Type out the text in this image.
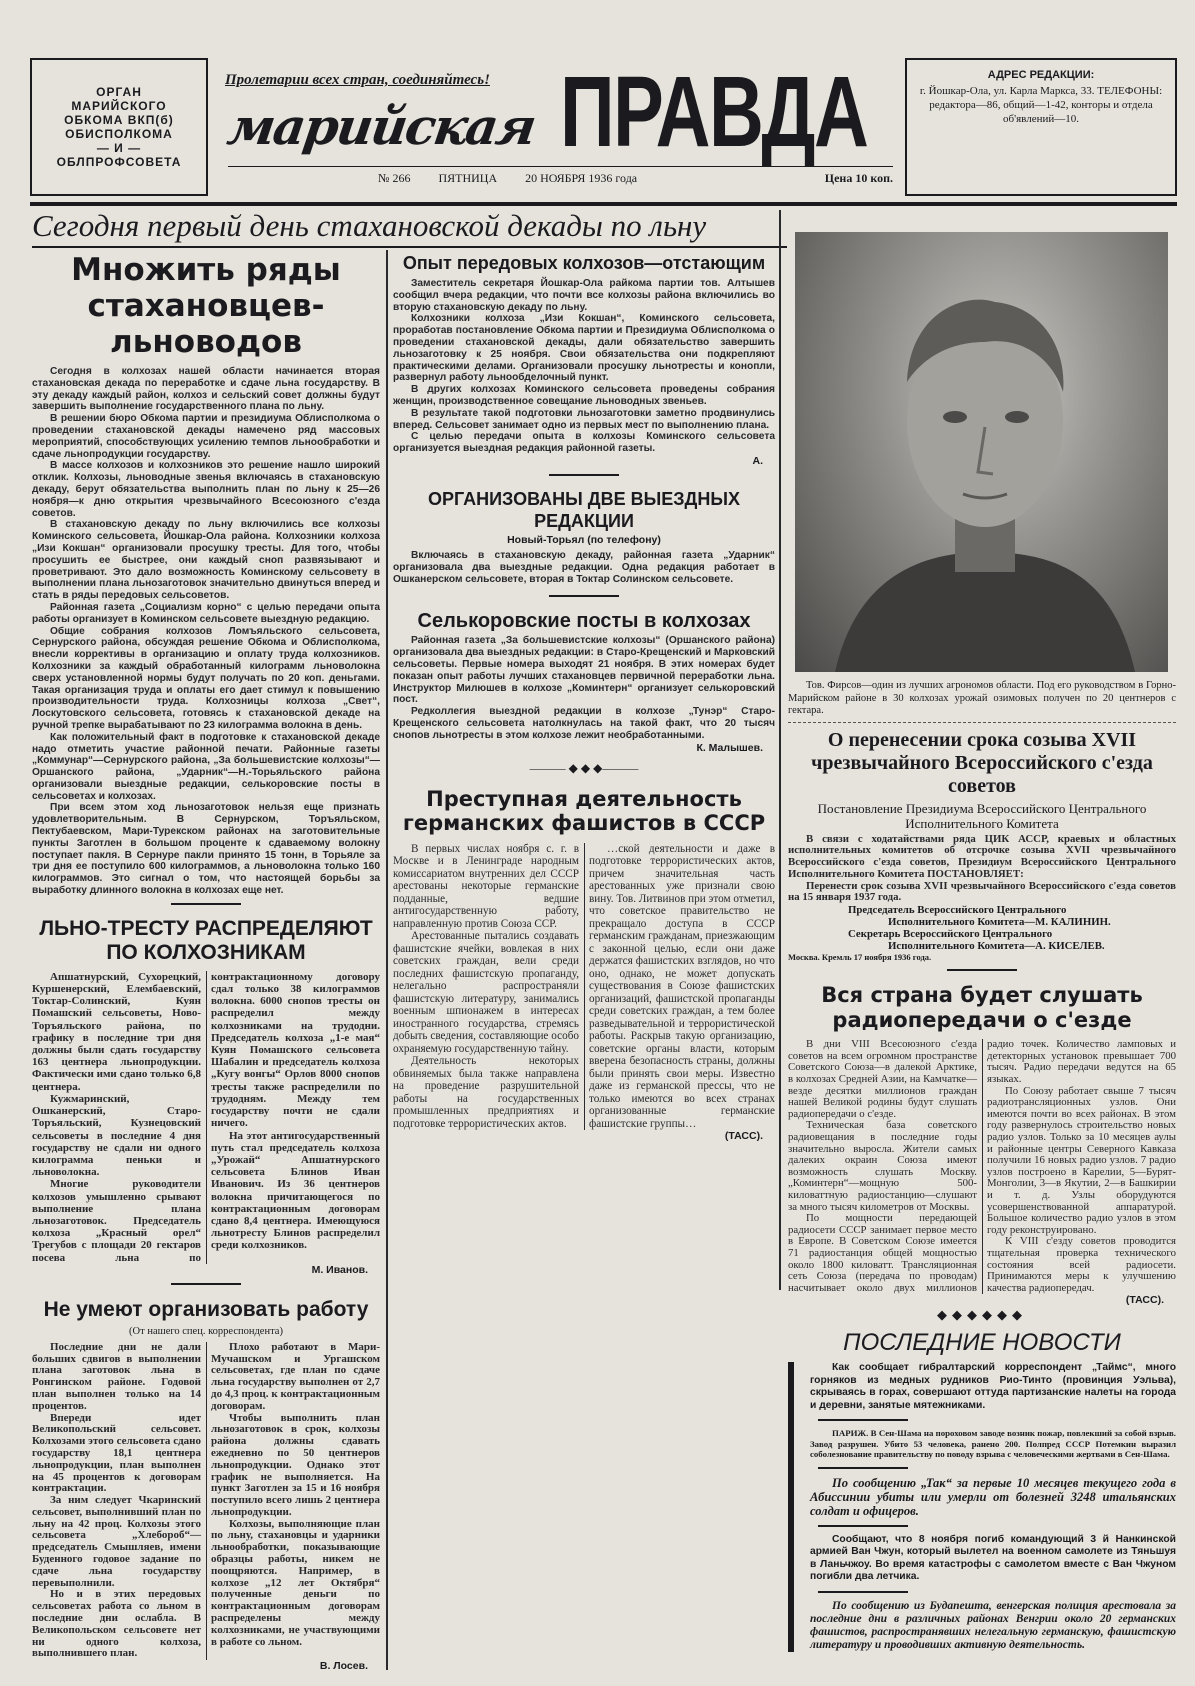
ОРГАН
МАРИЙСКОГО
ОБКОМА ВКП(б)
ОБИСПОЛКОМА
— И —
ОБЛПРОФСОВЕТА
Пролетарии всех стран, соединяйтесь!
марийская ПРАВДА
№ 266 ПЯТНИЦА 20 НОЯБРЯ 1936 года	Цена 10 коп.
АДРЕС РЕДАКЦИИ:
г. Йошкар-Ола, ул. Карла Маркса, 33. ТЕЛЕФОНЫ: редактора—86, общий—1-42, конторы и отдела об'явлений—10.
Сегодня первый день стахановской декады по льну
Множить ряды стахановцев-льноводов

Сегодня в колхозах нашей области начинается вторая стахановская декада по переработке и сдаче льна государству. В эту декаду каждый район, колхоз и сельский совет должны будут завершить выполнение государственного плана по льну.

В решении бюро Обкома партии и президиума Облисполкома о проведении стахановской декады намечено ряд массовых мероприятий, способствующих усилению темпов льнообработки и сдаче льнопродукции государству.

В массе колхозов и колхозников это решение нашло широкий отклик. Колхозы, льноводные звенья включаясь в стахановскую декаду, берут обязательства выполнить план по льну к 25—26 ноября—к дню открытия чрезвычайного Всесоюзного с'езда советов.

В стахановскую декаду по льну включились все колхозы Коминского сельсовета, Йошкар-Ола района. Колхозники колхоза „Изи Кокшан“ организовали просушку тресты. Для того, чтобы просушить ее быстрее, они каждый сноп развязывают и проветривают. Это дало возможность Коминскому сельсовету в выполнении плана льнозаготовок значительно двинуться вперед и стать в ряды передовых сельсоветов.

Районная газета „Социализм корно“ с целью передачи опыта работы организует в Коминском сельсовете выездную редакцию.

Общие собрания колхозов Ломъяльского сельсовета, Сернурского района, обсуждая решение Обкома и Облисполкома, внесли коррективы в организацию и оплату труда колхозников. Колхозники за каждый обработанный килограмм льноволокна сверх установленной нормы будут получать по 20 коп. деньгами. Такая организация труда и оплаты его дает стимул к повышению производительности труда. Колхозницы колхоза „Свет“, Лоскутовского сельсовета, готовясь к стахановской декаде на ручной трепке вырабатывают по 23 килограмма волокна в день.

Как положительный факт в подготовке к стахановской декаде надо отметить участие районной печати. Районные газеты „Коммунар“—Сернурского района, „За большевистские колхозы“—Оршанского района, „Ударник“—Н.-Торьяльского района организовали выездные редакции, селькоровские посты в сельсоветах и колхозах.

При всем этом ход льнозаготовок нельзя еще признать удовлетворительным. В Сернурском, Торъяльском, Пектубаевском, Мари-Турекском районах на заготовительные пункты Заготлен в большом проценте к сдаваемому волокну поступает пакля. В Сернуре пакли принято 15 тонн, в Торьяле за три дня ее поступило 600 килограммов, а льноволокна только 160 килограммов. Это сигнал о том, что настоящей борьбы за выработку длинного волокна в колхозах еще нет.

ЛЬНО-ТРЕСТУ РАСПРЕДЕЛЯЮТ ПО КОЛХОЗНИКАМ

Апшатнурский, Сухорецкий, Куршенерский, Елембаевский, Токтар-Солинский, Куян Помашский сельсоветы, Ново-Торъяльского района, по графику в последние три дня должны были сдать государству 163 центнера льнопродукции. Фактически ими сдано только 6,8 центнера.

Кужмаринский, Ошканерский, Старо-Торъяльский, Кузнецовский сельсоветы в последние 4 дня государству не сдали ни одного килограмма пеньки и льноволокна.

Многие руководители колхозов умышленно срывают выполнение плана льнозаготовок. Председатель колхоза „Красный орел“ Трегубов с площади 20 гектаров посева льна по контрактационному договору сдал только 38 килограммов волокна. 6000 снопов тресты он распределил между колхозниками на трудодни. Председатель колхоза „1-е мая“ Куян Помашского сельсовета Шабалин и председатель колхоза „Кугу вонгы“ Орлов 8000 снопов тресты также распределили по трудодням. Между тем государству почти не сдали ничего.

На этот антигосударственный путь стал председатель колхоза „Урожай“ Апшатнурского сельсовета Блинов Иван Иванович. Из 36 центнеров волокна причитающегося по контрактационным договорам сдано 8,4 центнера. Имеющуюся льнотресту Блинов распределил среди колхозников.

М. Иванов.
Не умеют организовать работу
(От нашего спец. корреспондента)

Последние дни не дали больших сдвигов в выполнении плана заготовок льна в Ронгинском районе. Годовой план выполнен только на 14 процентов.

Впереди идет Великопольский сельсовет. Колхозами этого сельсовета сдано государству 18,1 центнера льнопродукции, план выполнен на 45 процентов к договорам контрактации.

За ним следует Чкаринский сельсовет, выполнивший план по льну на 42 проц. Колхозы этого сельсовета „Хлебороб“—председатель Смышляев, имени Буденного годовое задание по сдаче льна государству перевыполнили.

Но и в этих передовых сельсоветах работа со льном в последние дни ослабла. В Великопольском сельсовете нет ни одного колхоза, выполнившего план.

Плохо работают в Мари-Мучашском и Ургашском сельсоветах, где план по сдаче льна государству выполнен от 2,7 до 4,3 проц. к контрактационным договорам.

Чтобы выполнить план льнозаготовок в срок, колхозы района должны сдавать ежедневно по 50 центнеров льнопродукции. Однако этот график не выполняется. На пункт Заготлен за 15 и 16 ноября поступило всего лишь 2 центнера льнопродукции.

Колхозы, выполняющие план по льну, стахановцы и ударники льнообработки, показывающие образцы работы, никем не поощряются. Например, в колхозе „12 лет Октября“ полученные деньги по контрактационным договорам распределены между колхозниками, не участвующими в работе со льном.

В. Лосев.
Опыт передовых колхозов—отстающим

Заместитель секретаря Йошкар-Ола райкома партии тов. Алтышев сообщил вчера редакции, что почти все колхозы района включились во вторую стахановскую декаду по льну.

Колхозники колхоза „Изи Кокшан“, Коминского сельсовета, проработав постановление Обкома партии и Президиума Облисполкома о проведении стахановской декады, дали обязательство завершить льнозаготовку к 25 ноября. Свои обязательства они подкрепляют практическими делами. Организовали просушку льнотресты и конопли, развернул работу льнообделочный пункт.

В других колхозах Коминского сельсовета проведены собрания женщин, производственное совещание льноводных звеньев.

В результате такой подготовки льнозаготовки заметно продвинулись вперед. Сельсовет занимает одно из первых мест по выполнению плана.

С целью передачи опыта в колхозы Коминского сельсовета организуется выездная редакция районной газеты.

А.
ОРГАНИЗОВАНЫ ДВЕ ВЫЕЗДНЫХ РЕДАКЦИИ
Новый-Торьял (по телефону)

Включаясь в стахановскую декаду, районная газета „Ударник“ организовала два выездные редакции. Одна редакция работает в Ошканерском сельсовете, вторая в Toктар Солинском сельсовете.

Селькоровские посты в колхозах

Районная газета „За большевистские колхозы“ (Оршанского района) организовала два выездных редакции: в Старо-Крещенский и Марковский сельсоветы. Первые номера выходят 21 ноября. В этих номерах будет показан опыт работы лучших стахановцев первичной переработки льна. Инструктор Милюшев в колхозе „Коминтерн“ организует селькоровский пост.

Редколлегия выездной редакции в колхозе „Тунэр“ Старо-Крещенского сельсовета натолкнулась на такой факт, что 20 тысяч снопов льнотресты в этом колхозе лежит необработанными.

К. Малышев.
——— ◆ ◆ ◆———
Преступная деятельность германских фашистов в СССР

В первых числах ноября с. г. в Москве и в Ленинграде народным комиссариатом внутренних дел СССР арестованы некоторые германские подданные, ведшие антигосударственную работу, направленную против Союза ССР.

Арестованные пытались создавать фашистские ячейки, вовлекая в них советских граждан, вели среди последних фашистскую пропаганду, нелегально распространяли фашистскую литературу, занимались военным шпионажем в интересах иностранного государства, стремясь добыть сведения, составляющие особо охраняемую государственную тайну.

Деятельность некоторых обвиняемых была также направлена на проведение разрушительной работы на государственных промышленных предприятиях и подготовке террористических актов.

…ской деятельности и даже в подготовке террористических актов, причем значительная часть арестованных уже признали свою вину. Тов. Литвинов при этом отметил, что советское правительство не прекращало доступа в СССР германским гражданам, приезжающим с законной целью, если они даже держатся фашистских взглядов, но что оно, однако, не может допускать существования в Союзе фашистских организаций, фашистской пропаганды среди советских граждан, а тем более разведывательной и террористической работы. Раскрыв такую организацию, советские органы власти, которым вверена безопасность страны, должны были принять свои меры. Известно даже из германской прессы, что не только имеются во всех странах организованные германские фашистские группы…

(ТАСС).

Тов. Фирсов—один из лучших агрономов области. Под его руководством в Горно-Марийском районе в 30 колхозах урожай озимовых получен по 20 центнеров с гектара.

О перенесении срока созыва XVII чрезвычайного Всероссийского с'езда советов
Постановление Президиума Всероссийского Центрального Исполнительного Комитета

В связи с ходатайствами ряда ЦИК АССР, краевых и областных исполнительных комитетов об отсрочке созыва XVII чрезвычайного Всероссийского с'езда советов, Президиум Всероссийского Центрального Исполнительного Комитета ПОСТАНОВЛЯЕТ:

Перенести срок созыва XVII чрезвычайного Всероссийского с'езда советов на 15 января 1937 года.

Председатель Всероссийского Центрального
Исполнительного Комитета—М. КАЛИНИН.
Секретарь Всероссийского Центрального
Исполнительного Комитета—А. КИСЕЛЕВ.
Москва. Кремль 17 ноября 1936 года.
Вся страна будет слушать радиопередачи о с'езде

В дни VIII Всесоюзного с'езда советов на всем огромном пространстве Советского Союза—в далекой Арктике, в колхозах Средней Азии, на Камчатке—везде десятки миллионов граждан нашей Великой родины будут слушать радиопередачи о с'езде.

Техническая база советского радиовещания в последние годы значительно выросла. Жители самых далеких окраин Союза имеют возможность слушать Москву. „Коминтерн“—мощную 500-киловаттную радиостанцию—слушают за много тысяч километров от Москвы.

По мощности передающей радиосети СССР занимает первое место в Европе. В Советском Союзе имеется 71 радиостанция общей мощностью около 1800 киловатт. Трансляционная сеть Союза (передача по проводам) насчитывает около двух миллионов радио точек. Количество ламповых и детекторных установок превышает 700 тысяч. Радио передачи ведутся на 65 языках.

По Союзу работает свыше 7 тысяч радиотрансляционных узлов. Они имеются почти во всех районах. В этом году развернулось строительство новых радио узлов. Только за 10 месяцев аулы и районные центры Северного Кавказа получили 16 новых радио узлов. 7 радио узлов построено в Карелии, 5—Бурят-Монголии, 3—в Якутии, 2—в Башкирии и т. д. Узлы оборудуются усовершенствованной аппаратурой. Большое количество радио узлов в этом году реконструировано.

К VIII с'езду советов проводится тщательная проверка технического состояния всей радиосети. Принимаются меры к улучшению качества радиопередач.

(ТАСС).
◆◆◆◆◆◆
ПОСЛЕДНИЕ НОВОСТИ

Как сообщает гибралтарский корреспондент „Таймс“, много горняков из медных рудников Рио-Тинто (провинция Уэльва), скрываясь в горах, совершают оттуда партизанские налеты на города и деревни, занятые мятежниками.

ПАРИЖ. В Сен-Шама на пороховом заводе возник пожар, повлекший за собой взрыв. Завод разрушен. Убито 53 человека, ранено 200. Полпред СССР Потемкин выразил соболезнование правительству по поводу взрыва с человеческими жертвами в Сен-Шама.

По сообщению „Так“ за первые 10 месяцев текущего года в Абиссинии убиты или умерли от болезней 3248 итальянских солдат и офицеров.

Сообщают, что 8 ноября погиб командующий 3 й Нанкинской армией Ван Чжун, который вылетел на военном самолете из Тяньшуя в Ланьчжоу. Во время катастрофы с самолетом вместе с Ван Чжуном погибли два летчика.

По сообщению из Будапешта, венгерская полиция арестовала за последние дни в различных районах Венгрии около 20 германских фашистов, распространявших нелегальную германскую, фашистскую литературу и проводивших активную деятельность.
